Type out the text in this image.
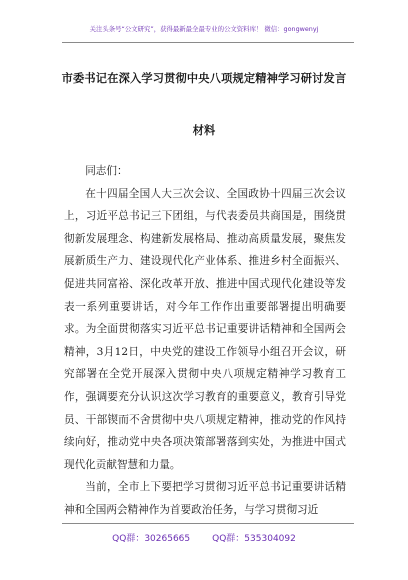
关注头条号“公文研究”，获得最新最全最专业的公文资料库！ 微信：gongwenyj
市委书记在深入学习贯彻中央八项规定精神学习研讨发言
材料

同志们：

在十四届全国人大三次会议、全国政协十四届三次会议上，习近平总书记三下团组，与代表委员共商国是，围绕贯彻新发展理念、构建新发展格局、推动高质量发展，聚焦发展新质生产力、建设现代化产业体系、推进乡村全面振兴、促进共同富裕、深化改革开放、推进中国式现代化建设等发表一系列重要讲话，对今年工作作出重要部署提出明确要求。为全面贯彻落实习近平总书记重要讲话精神和全国两会精神，3月12日，中央党的建设工作领导小组召开会议，研究部署在全党开展深入贯彻中央八项规定精神学习教育工作，强调要充分认识这次学习教育的重要意义，教育引导党员、干部锲而不舍贯彻中央八项规定精神，推动党的作风持续向好，推动党中央各项决策部署落到实处，为推进中国式现代化贡献智慧和力量。

当前，全市上下要把学习贯彻习近平总书记重要讲话精神和全国两会精神作为首要政治任务，与学习贯彻习近

QQ群：30265665 QQ群：535304092
